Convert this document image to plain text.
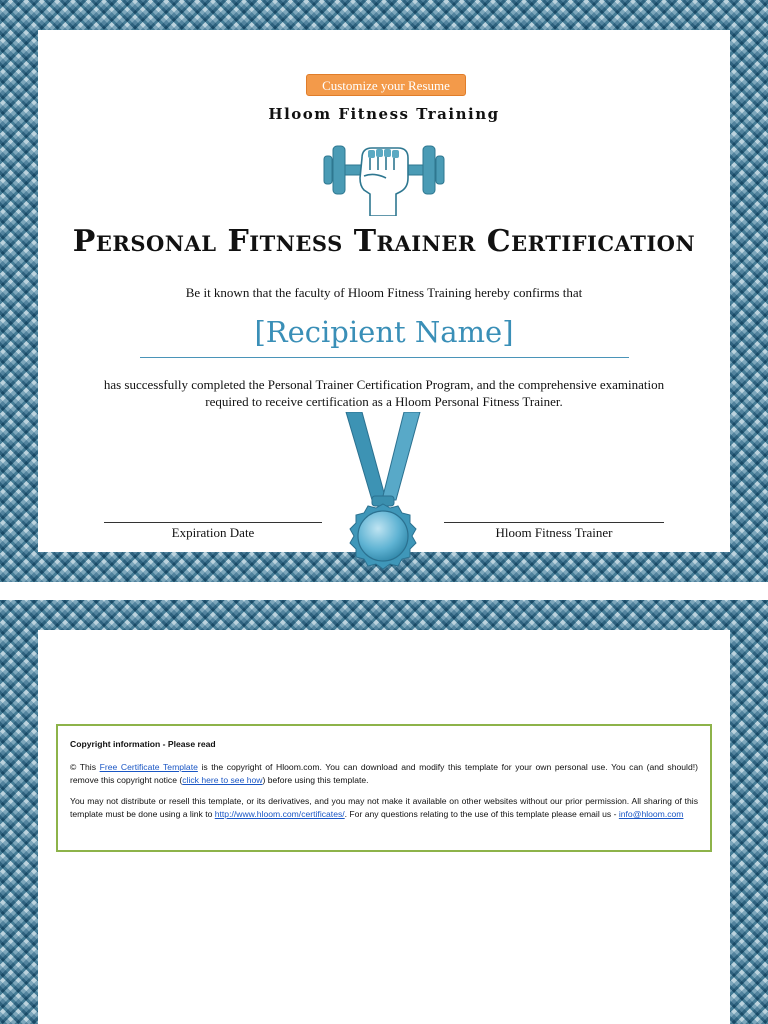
Customize your Resume
Hloom Fitness Training
Personal Fitness Trainer Certification
Be it known that the faculty of Hloom Fitness Training hereby confirms that
[Recipient Name]
has successfully completed the Personal Trainer Certification Program, and the comprehensive examination
required to receive certification as a Hloom Personal Fitness Trainer.
Expiration Date	Hloom Fitness Trainer

Copyright information - Please read

© This Free Certificate Template is the copyright of Hloom.com. You can download and modify this template for your own personal use. You can (and should!) remove this copyright notice (click here to see how) before using this template.

You may not distribute or resell this template, or its derivatives, and you may not make it available on other websites without our prior permission. All sharing of this template must be done using a link to http://www.hloom.com/certificates/. For any questions relating to the use of this template please email us - info@hloom.com
